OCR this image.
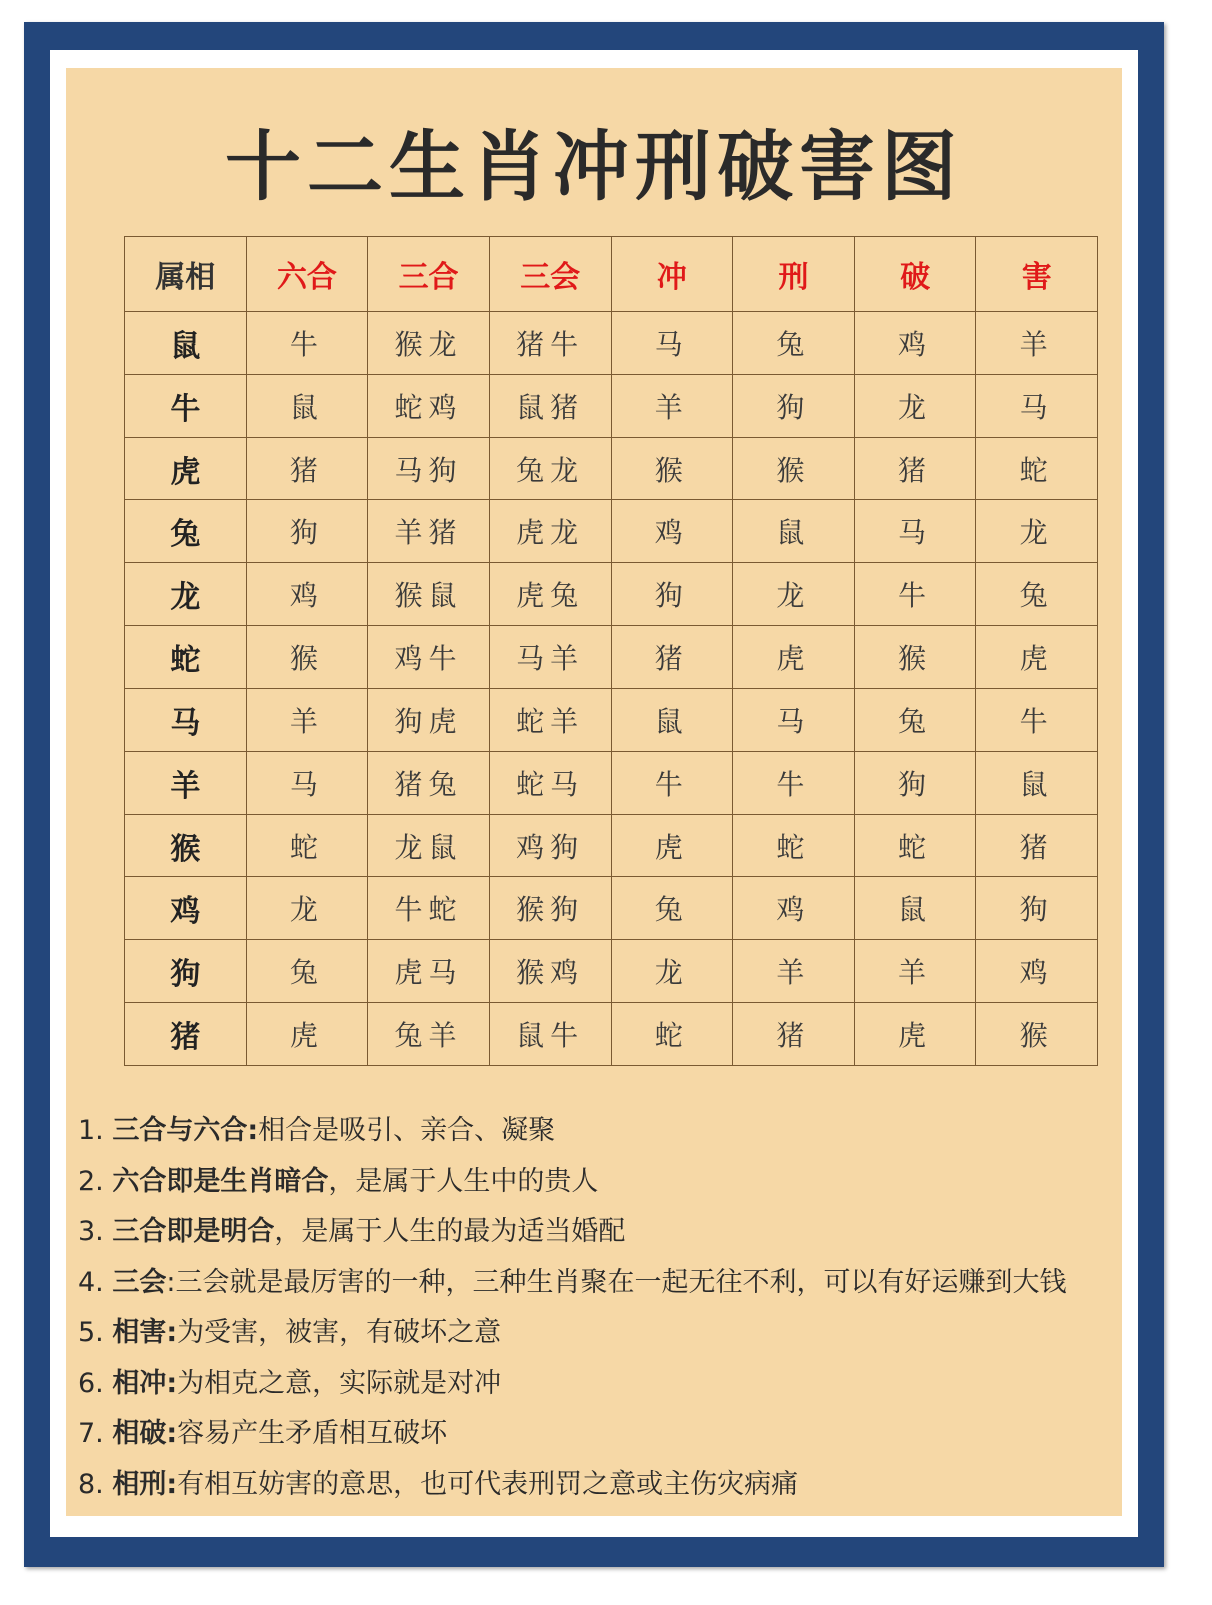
十二生肖冲刑破害图
属相	六合	三合	三会	冲	刑	破	害
鼠	牛	猴龙	猪牛	马	兔	鸡	羊
牛	鼠	蛇鸡	鼠猪	羊	狗	龙	马
虎	猪	马狗	兔龙	猴	猴	猪	蛇
兔	狗	羊猪	虎龙	鸡	鼠	马	龙
龙	鸡	猴鼠	虎兔	狗	龙	牛	兔
蛇	猴	鸡牛	马羊	猪	虎	猴	虎
马	羊	狗虎	蛇羊	鼠	马	兔	牛
羊	马	猪兔	蛇马	牛	牛	狗	鼠
猴	蛇	龙鼠	鸡狗	虎	蛇	蛇	猪
鸡	龙	牛蛇	猴狗	兔	鸡	鼠	狗
狗	兔	虎马	猴鸡	龙	羊	羊	鸡
猪	虎	兔羊	鼠牛	蛇	猪	虎	猴
1. 三合与六合:相合是吸引、亲合、凝聚
2. 六合即是生肖暗合，是属于人生中的贵人
3. 三合即是明合，是属于人生的最为适当婚配
4. 三会:三会就是最厉害的一种，三种生肖聚在一起无往不利，可以有好运赚到大钱
5. 相害:为受害，被害，有破坏之意
6. 相冲:为相克之意，实际就是对冲
7. 相破:容易产生矛盾相互破坏
8. 相刑:有相互妨害的意思，也可代表刑罚之意或主伤灾病痛
